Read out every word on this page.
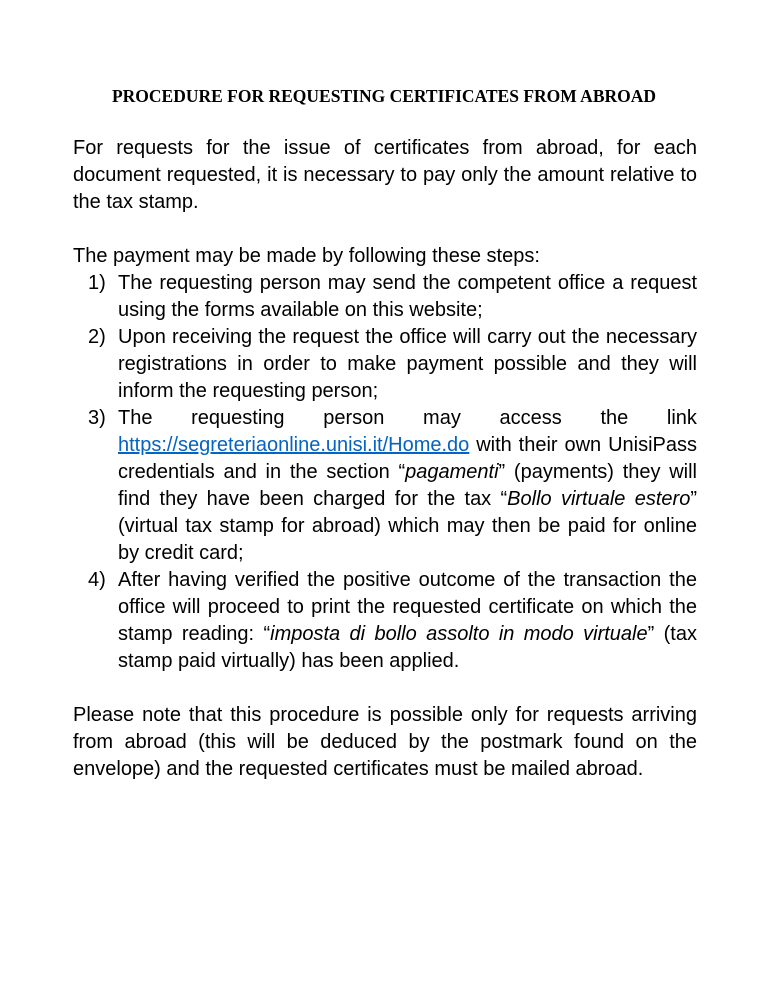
PROCEDURE FOR REQUESTING CERTIFICATES FROM ABROAD

For requests for the issue of certificates from abroad, for each document requested, it is necessary to pay only the amount relative to the tax stamp.

The payment may be made by following these steps:

1) The requesting person may send the competent office a request using the forms available on this website;
2) Upon receiving the request the office will carry out the necessary registrations in order to make payment possible and they will inform the requesting person;
3) The requesting person may access the link
https://segreteriaonline.unisi.it/Home.do with their own UnisiPass credentials and in the section “pagamenti” (payments) they will find they have been charged for the tax “Bollo virtuale estero” (virtual tax stamp for abroad) which may then be paid for online by credit card;
4) After having verified the positive outcome of the transaction the office will proceed to print the requested certificate on which the stamp reading: “imposta di bollo assolto in modo virtuale” (tax stamp paid virtually) has been applied.

Please note that this procedure is possible only for requests arriving from abroad (this will be deduced by the postmark found on the envelope) and the requested certificates must be mailed abroad.
